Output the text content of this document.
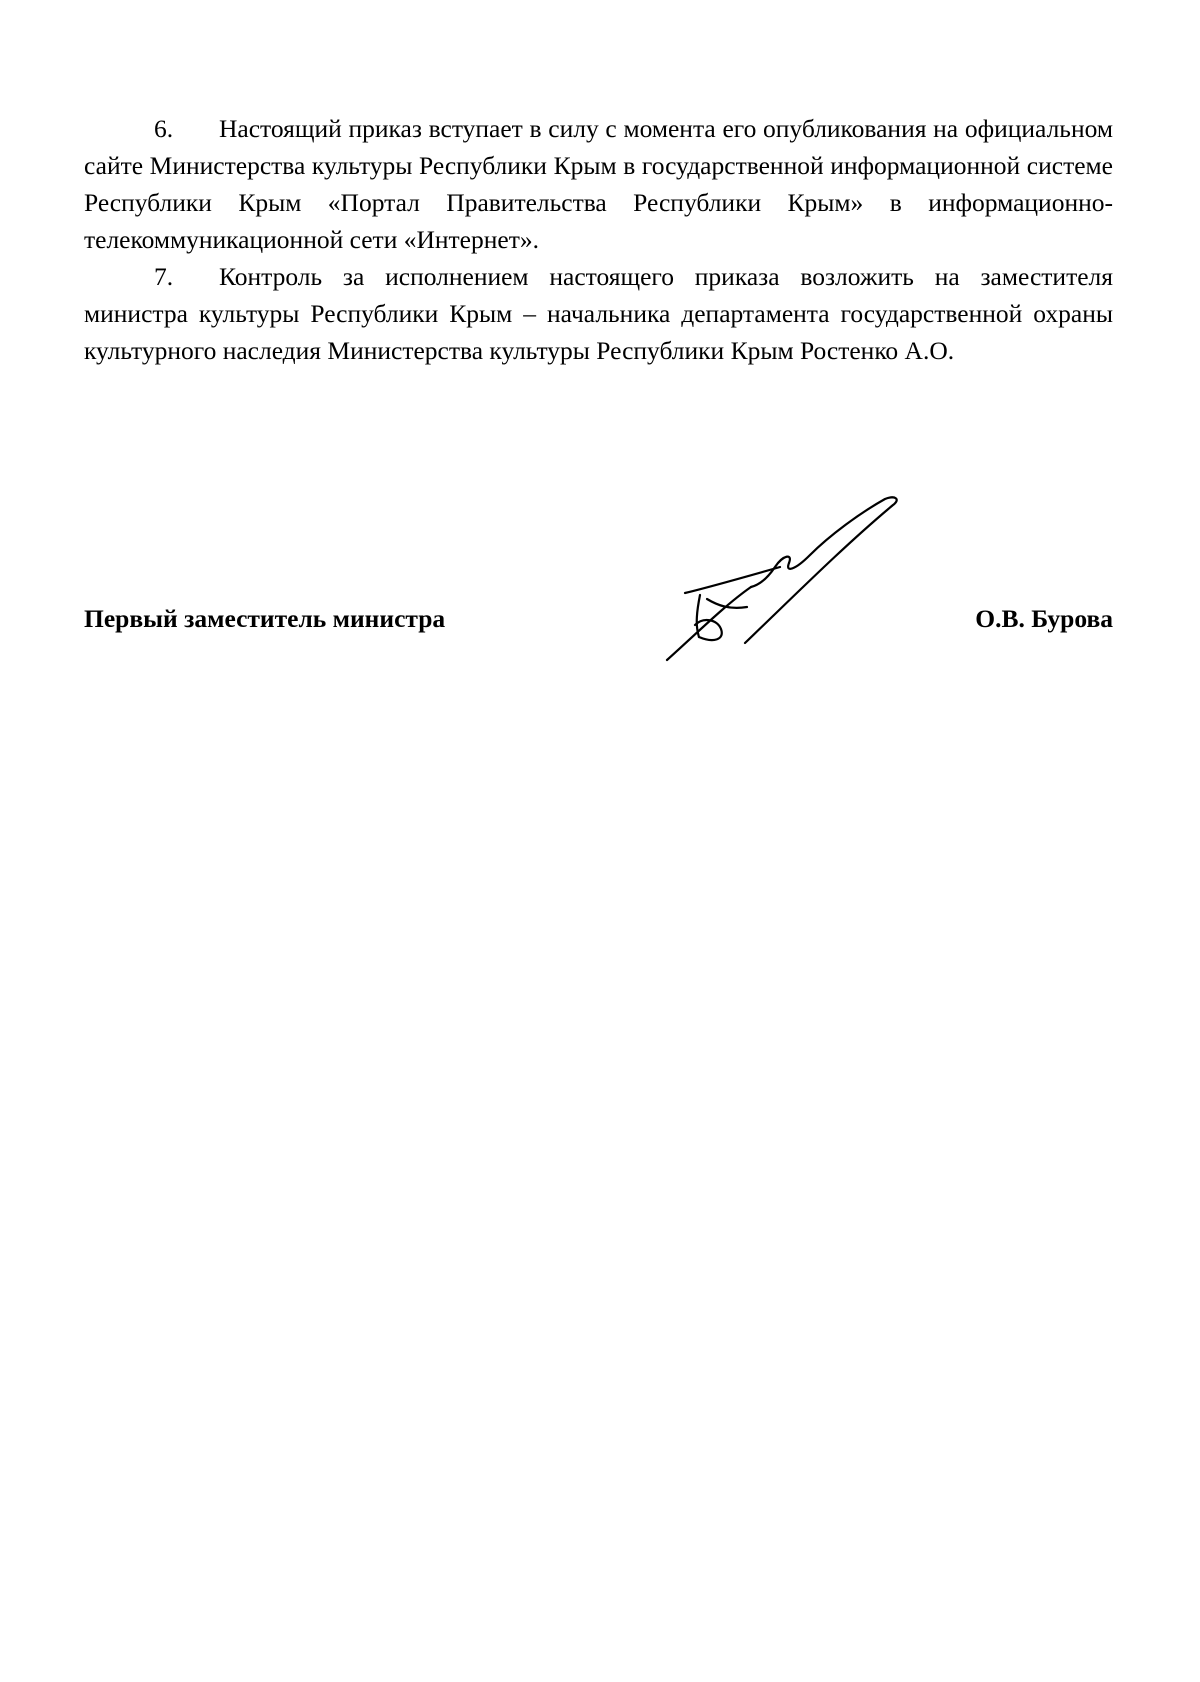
6. Настоящий приказ вступает в силу с момента его опубликования на официальном сайте Министерства культуры Республики Крым в государственной информационной системе Республики Крым «Портал Правительства Республики Крым» в информационно-телекоммуникационной сети «Интернет».

7. Контроль за исполнением настоящего приказа возложить на заместителя министра культуры Республики Крым – начальника департамента государственной охраны культурного наследия Министерства культуры Республики Крым Ростенко А.О.

Первый заместитель министра	О.В. Бурова
